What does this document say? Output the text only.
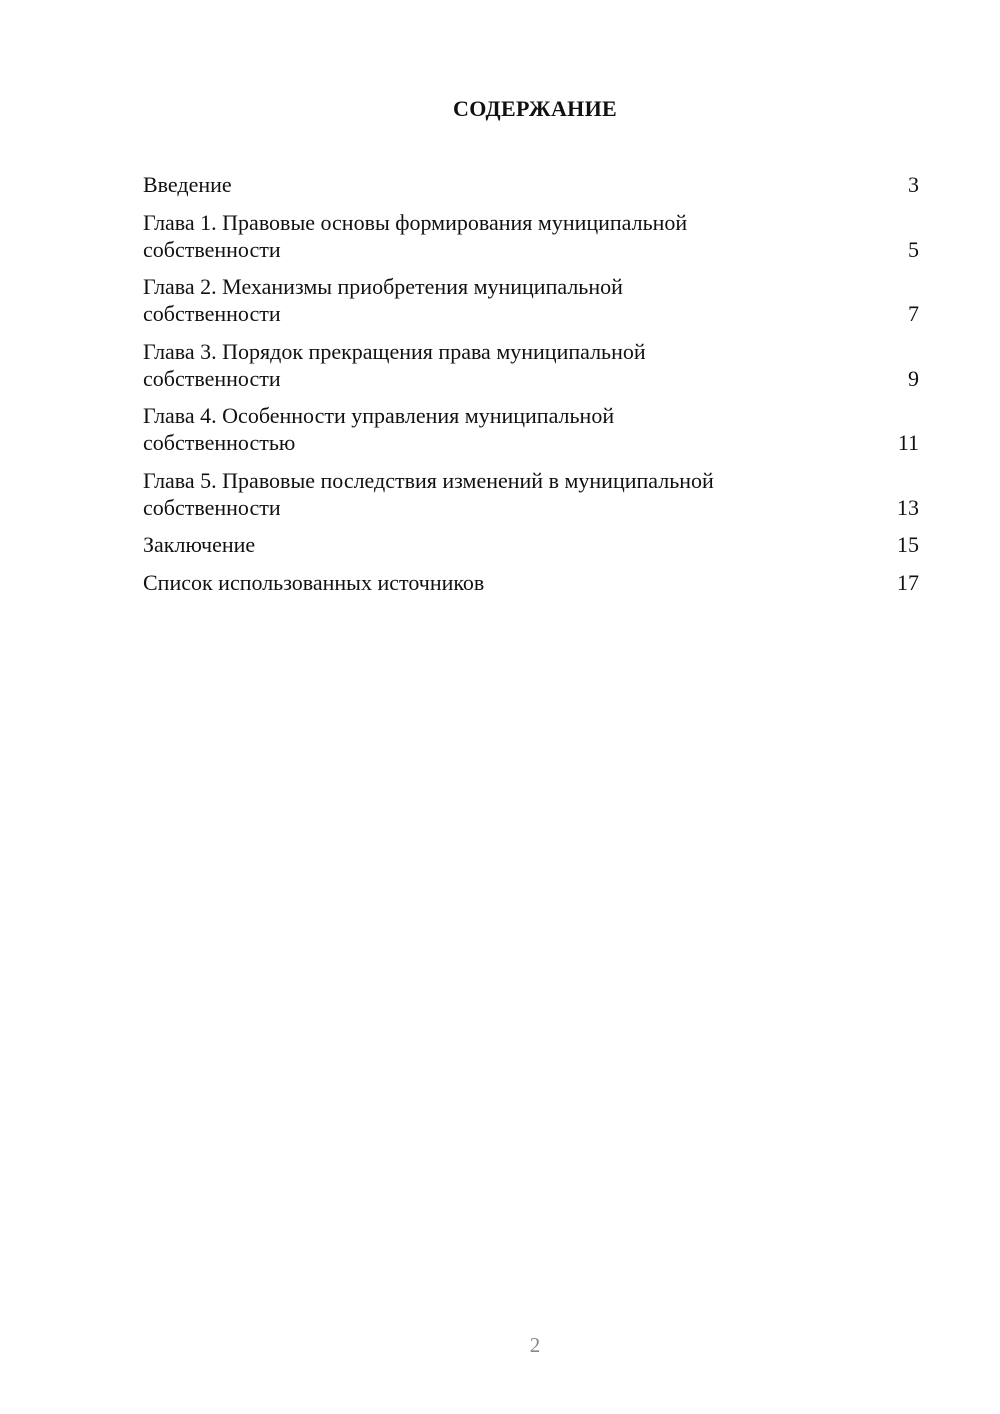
СОДЕРЖАНИЕ
Введение	3
Глава 1. Правовые основы формирования муниципальной
собственности	5
Глава 2. Механизмы приобретения муниципальной
собственности	7
Глава 3. Порядок прекращения права муниципальной
собственности	9
Глава 4. Особенности управления муниципальной
собственностью	11
Глава 5. Правовые последствия изменений в муниципальной
собственности	13
Заключение	15
Список использованных источников	17
2
